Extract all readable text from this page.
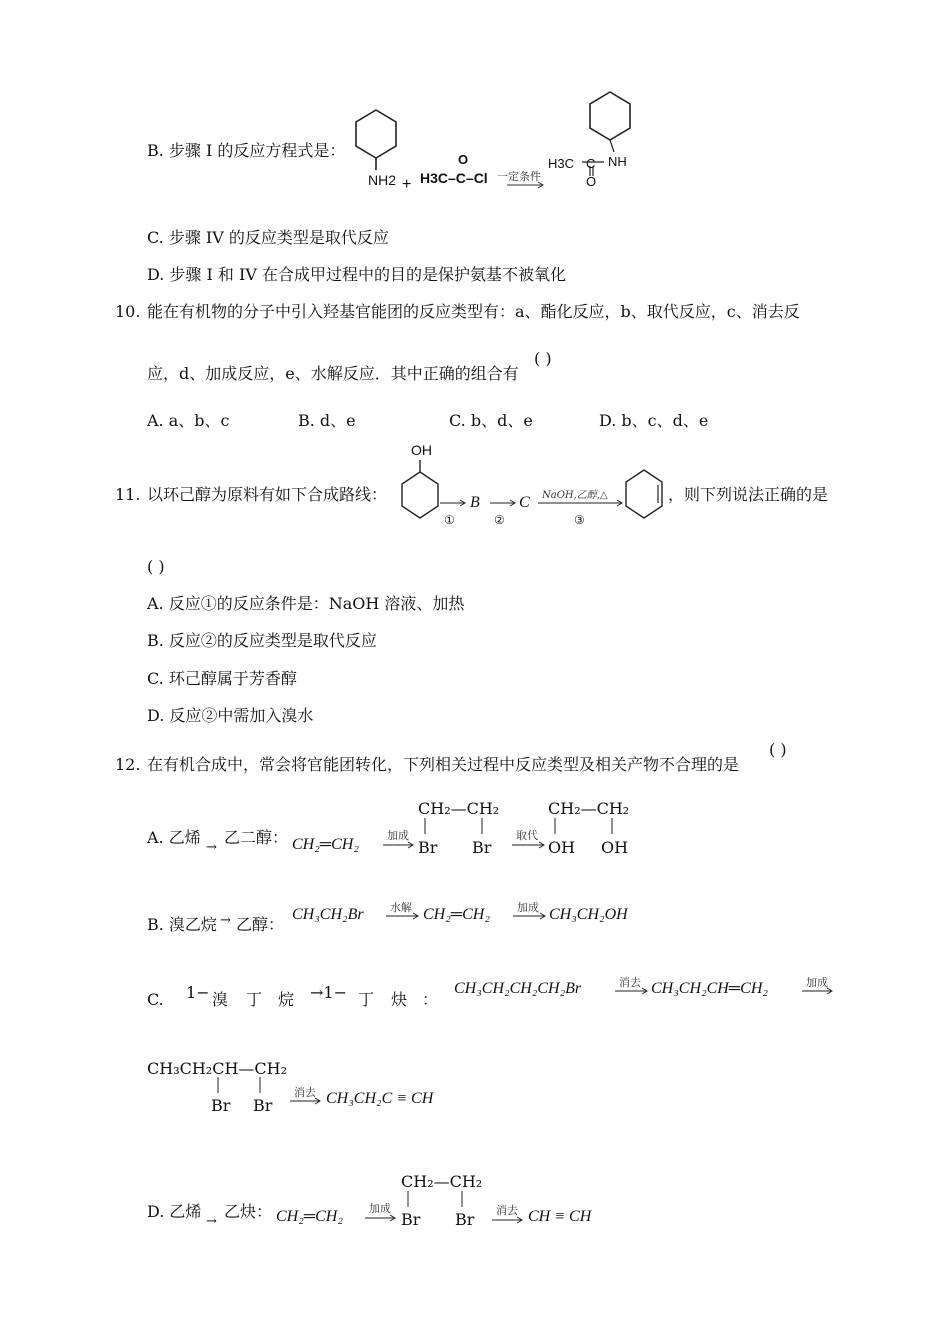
B. 步骤 I 的反应方程式是：
NH2 +
O
H3C–C–Cl 一定条件
H3C C NH
O
C. 步骤 IV 的反应类型是取代反应
D. 步骤 I 和 IV 在合成甲过程中的目的是保护氨基不被氧化
10. 能在有机物的分子中引入羟基官能团的反应类型有：a、酯化反应，b、取代反应，c、消去反
应，d、加成反应，e、水解反应．其中正确的组合有
( )
A. a、b、c	B. d、e	C. b、d、e	D. b、c、d、e
11. 以环己醇为原料有如下合成路线：
OH
①
B
②
C NaOH,乙醇,△
③
，则下列说法正确的是
( )
A. 反应①的反应条件是：NaOH 溶液、加热
B. 反应②的反应类型是取代反应
C. 环己醇属于芳香醇
D. 反应②中需加入溴水
12. 在有机合成中，常会将官能团转化，下列相关过程中反应类型及相关产物不合理的是
( )
A. 乙烯
→
乙二醇： CH₂═CH₂
加成
CH₂—CH₂
Br Br
取代
CH₂—CH₂
OH OH
B. 溴乙烷 → 乙醇：
CH₃CH₂Br 水解 CH₂═CH₂ 加成 CH₃CH₂OH
C. 1− 溴 丁 烷 →1− 丁 炔 ：
CH₃CH₂CH₂CH₂Br	消去 CH₃CH₂CH═CH₂	加成
CH₃CH₂CH—CH₂
Br Br
消去 CH₃CH₂C ≡ CH
D. 乙烯
→
乙炔： CH₂═CH₂ 加成
CH₂—CH₂
Br Br 消去 CH ≡ CH
